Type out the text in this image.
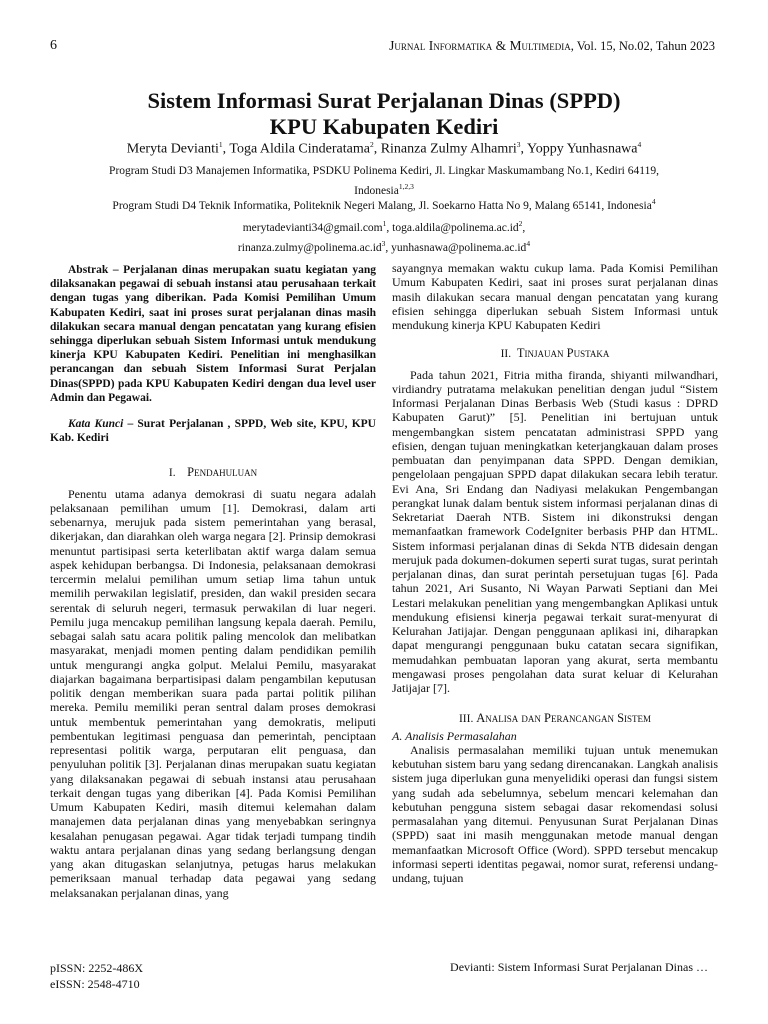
6	Jurnal Informatika & Multimedia, Vol. 15, No.02, Tahun 2023
Sistem Informasi Surat Perjalanan Dinas (SPPD)
KPU Kabupaten Kediri
Meryta Devianti$^1$, Toga Aldila Cinderatama$^2$, Rinanza Zulmy Alhamri$^3$, Yoppy Yunhasnawa$^4$
Program Studi D3 Manajemen Informatika, PSDKU Polinema Kediri, Jl. Lingkar Maskumambang No.1, Kediri 64119,
Indonesia$^{1,2,3}$
Program Studi D4 Teknik Informatika, Politeknik Negeri Malang, Jl. Soekarno Hatta No 9, Malang 65141, Indonesia$^4$
merytadevianti34@gmail.com$^1$, $toga.aldila@polinema.ac.id^2$,
$rinanza.zulmy@polinema.ac.id^3$, $yunhasnawa@polinema.ac.id^4$

Abstrak – Perjalanan dinas merupakan suatu kegiatan yang dilaksanakan pegawai di sebuah instansi atau perusahaan terkait dengan tugas yang diberikan. Pada Komisi Pemilihan Umum Kabupaten Kediri, saat ini proses surat perjalanan dinas masih dilakukan secara manual dengan pencatatan yang kurang efisien sehingga diperlukan sebuah Sistem Informasi untuk mendukung kinerja KPU Kabupaten Kediri. Penelitian ini menghasilkan perancangan dan sebuah Sistem Informasi Surat Perjalan Dinas(SPPD) pada KPU Kabupaten Kediri dengan dua level user Admin dan Pegawai.

Kata Kunci – Surat Perjalanan , SPPD, Web site, KPU, KPU Kab. Kediri

I. Pendahuluan

Penentu utama adanya demokrasi di suatu negara adalah pelaksanaan pemilihan umum [1]. Demokrasi, dalam arti sebenarnya, merujuk pada sistem pemerintahan yang berasal, dikerjakan, dan diarahkan oleh warga negara [2]. Prinsip demokrasi menuntut partisipasi serta keterlibatan aktif warga dalam semua aspek kehidupan berbangsa. Di Indonesia, pelaksanaan demokrasi tercermin melalui pemilihan umum setiap lima tahun untuk memilih perwakilan legislatif, presiden, dan wakil presiden secara serentak di seluruh negeri, termasuk perwakilan di luar negeri. Pemilu juga mencakup pemilihan langsung kepala daerah. Pemilu, sebagai salah satu acara politik paling mencolok dan melibatkan masyarakat, menjadi momen penting dalam pendidikan pemilih untuk mengurangi angka golput. Melalui Pemilu, masyarakat diajarkan bagaimana berpartisipasi dalam pengambilan keputusan politik dengan memberikan suara pada partai politik pilihan mereka. Pemilu memiliki peran sentral dalam proses demokrasi untuk membentuk pemerintahan yang demokratis, meliputi pembentukan legitimasi penguasa dan pemerintah, penciptaan representasi politik warga, perputaran elit penguasa, dan penyuluhan politik [3]. Perjalanan dinas merupakan suatu kegiatan yang dilaksanakan pegawai di sebuah instansi atau perusahaan terkait dengan tugas yang diberikan [4]. Pada Komisi Pemilihan Umum Kabupaten Kediri, masih ditemui kelemahan dalam manajemen data perjalanan dinas yang menyebabkan seringnya kesalahan penugasan pegawai. Agar tidak terjadi tumpang tindih waktu antara perjalanan dinas yang sedang berlangsung dengan yang akan ditugaskan selanjutnya, petugas harus melakukan pemeriksaan manual terhadap data pegawai yang sedang melaksanakan perjalanan dinas, yang

sayangnya memakan waktu cukup lama. Pada Komisi Pemilihan Umum Kabupaten Kediri, saat ini proses surat perjalanan dinas masih dilakukan secara manual dengan pencatatan yang kurang efisien sehingga diperlukan sebuah Sistem Informasi untuk mendukung kinerja KPU Kabupaten Kediri

II. Tinjauan Pustaka

Pada tahun 2021, Fitria mitha firanda, shiyanti milwandhari, virdiandry putratama melakukan penelitian dengan judul “Sistem Informasi Perjalanan Dinas Berbasis Web (Studi kasus : DPRD Kabupaten Garut)” [5]. Penelitian ini bertujuan untuk mengembangkan sistem pencatatan administrasi SPPD yang efisien, dengan tujuan meningkatkan keterjangkauan dalam proses pembuatan dan penyimpanan data SPPD. Dengan demikian, pengelolaan pengajuan SPPD dapat dilakukan secara lebih teratur. Evi Ana, Sri Endang dan Nadiyasi melakukan Pengembangan perangkat lunak dalam bentuk sistem informasi perjalanan dinas di Sekretariat Daerah NTB. Sistem ini dikonstruksi dengan memanfaatkan framework CodeIgniter berbasis PHP dan HTML. Sistem informasi perjalanan dinas di Sekda NTB didesain dengan merujuk pada dokumen-dokumen seperti surat tugas, surat perintah perjalanan dinas, dan surat perintah persetujuan tugas [6]. Pada tahun 2021, Ari Susanto, Ni Wayan Parwati Septiani dan Mei Lestari melakukan penelitian yang mengembangkan Aplikasi untuk mendukung efisiensi kinerja pegawai terkait surat-menyurat di Kelurahan Jatijajar. Dengan penggunaan aplikasi ini, diharapkan dapat mengurangi penggunaan buku catatan secara signifikan, memudahkan pembuatan laporan yang akurat, serta membantu mengawasi proses pengolahan data surat keluar di Kelurahan Jatijajar [7].

III. Analisa dan Perancangan Sistem

A. Analisis Permasalahan

Analisis permasalahan memiliki tujuan untuk menemukan kebutuhan sistem baru yang sedang direncanakan. Langkah analisis sistem juga diperlukan guna menyelidiki operasi dan fungsi sistem yang sudah ada sebelumnya, sebelum mencari kelemahan dan kebutuhan pengguna sistem sebagai dasar rekomendasi solusi permasalahan yang ditemui. Penyusunan Surat Perjalanan Dinas (SPPD) saat ini masih menggunakan metode manual dengan memanfaatkan Microsoft Office (Word). SPPD tersebut mencakup informasi seperti identitas pegawai, nomor surat, referensi undang-undang, tujuan

pISSN: 2252-486X
eISSN: 2548-4710
Devianti: Sistem Informasi Surat Perjalanan Dinas …
